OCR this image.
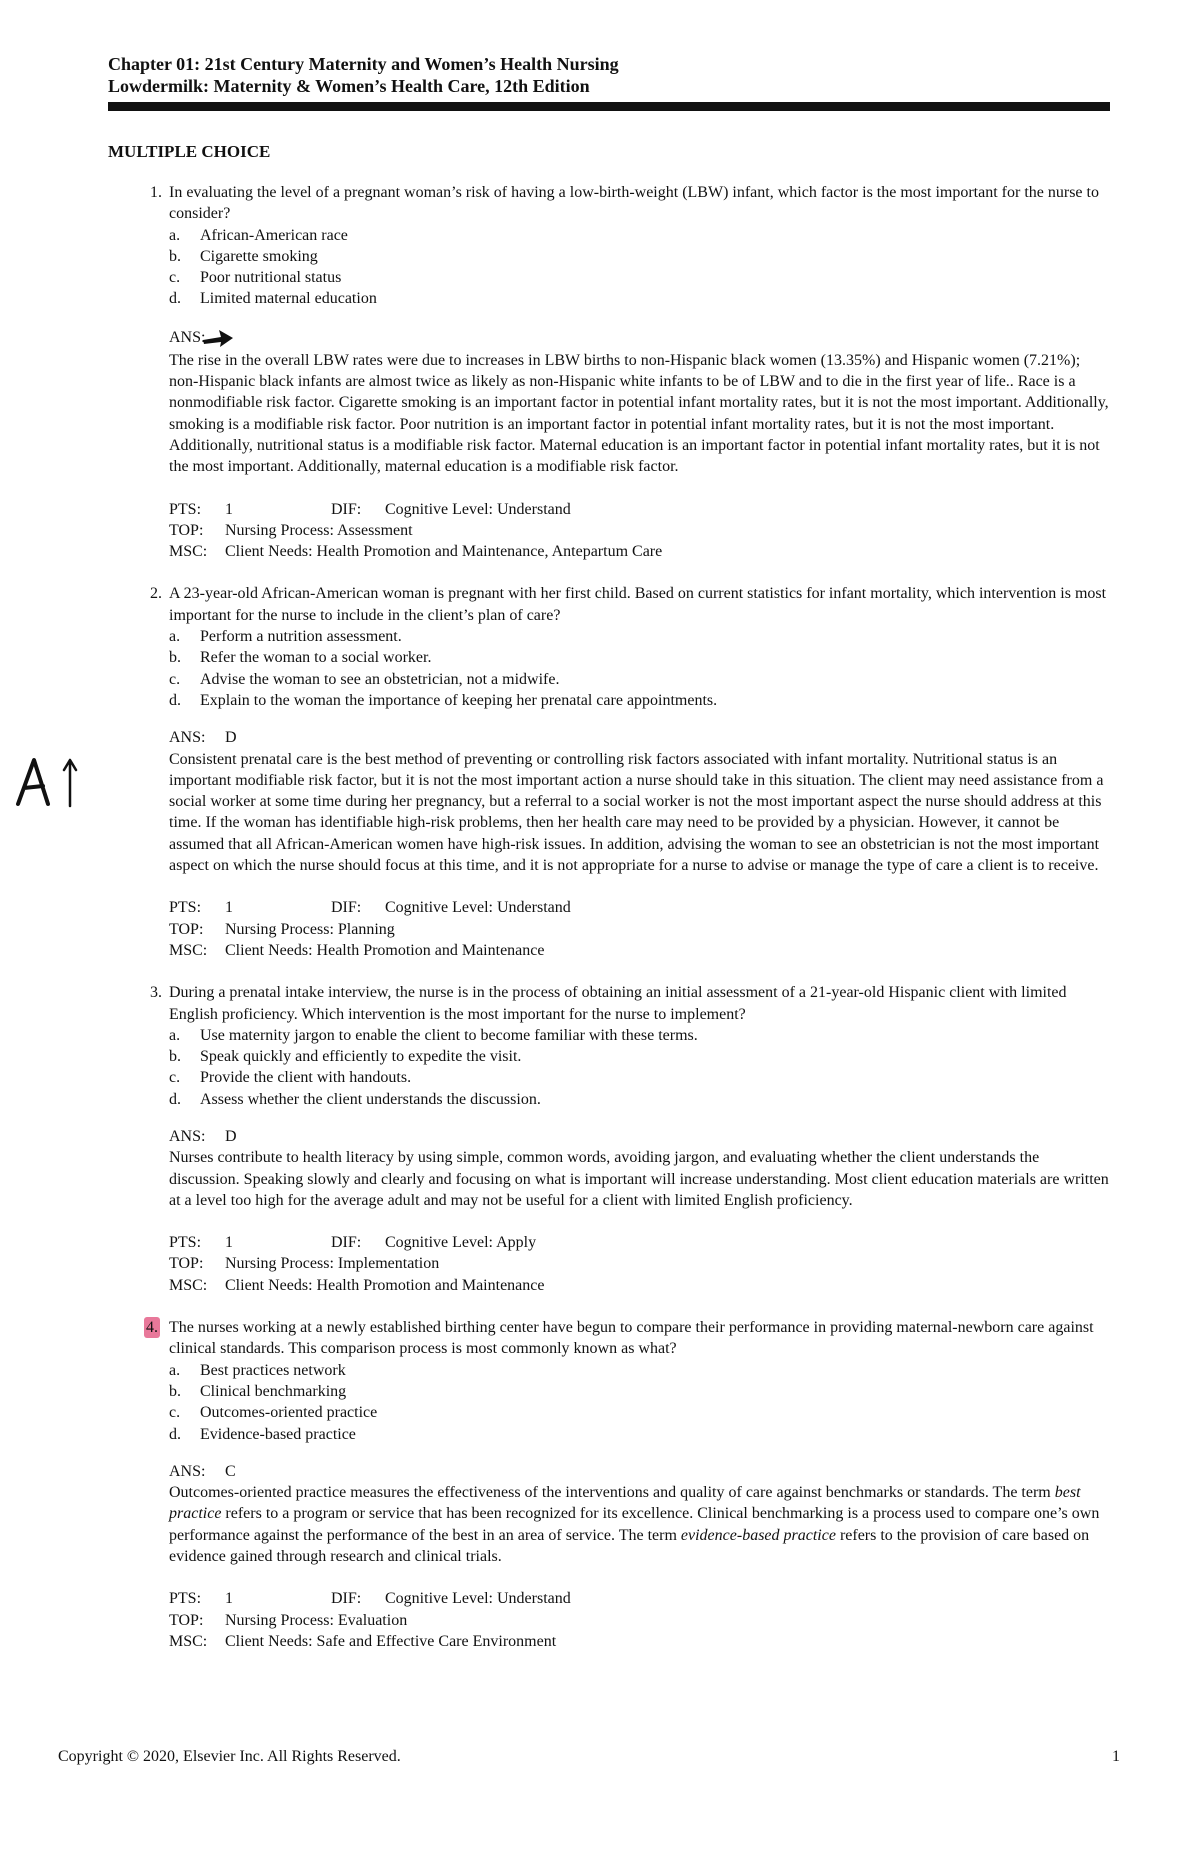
Chapter 01: 21st Century Maternity and Women’s Health Nursing
Lowdermilk: Maternity & Women’s Health Care, 12th Edition
MULTIPLE CHOICE
1. In evaluating the level of a pregnant woman’s risk of having a low-birth-weight (LBW) infant, which factor is the most important for the nurse to consider?
a.	African-American race
b.	Cigarette smoking
c.	Poor nutritional status
d.	Limited maternal education
ANS:
The rise in the overall LBW rates were due to increases in LBW births to non-Hispanic black women (13.35%) and Hispanic women (7.21%); non-Hispanic black infants are almost twice as likely as non-Hispanic white infants to be of LBW and to die in the first year of life.. Race is a nonmodifiable risk factor. Cigarette smoking is an important factor in potential infant mortality rates, but it is not the most important. Additionally, smoking is a modifiable risk factor. Poor nutrition is an important factor in potential infant mortality rates, but it is not the most important. Additionally, nutritional status is a modifiable risk factor. Maternal education is an important factor in potential infant mortality rates, but it is not the most important. Additionally, maternal education is a modifiable risk factor.
PTS:	1	DIF:	Cognitive Level: Understand
TOP:	Nursing Process: Assessment
MSC:	Client Needs: Health Promotion and Maintenance, Antepartum Care
2. A 23-year-old African-American woman is pregnant with her first child. Based on current statistics for infant mortality, which intervention is most important for the nurse to include in the client’s plan of care?
a.	Perform a nutrition assessment.
b.	Refer the woman to a social worker.
c.	Advise the woman to see an obstetrician, not a midwife.
d.	Explain to the woman the importance of keeping her prenatal care appointments.
ANS:	D
Consistent prenatal care is the best method of preventing or controlling risk factors associated with infant mortality. Nutritional status is an important modifiable risk factor, but it is not the most important action a nurse should take in this situation. The client may need assistance from a social worker at some time during her pregnancy, but a referral to a social worker is not the most important aspect the nurse should address at this time. If the woman has identifiable high-risk problems, then her health care may need to be provided by a physician. However, it cannot be assumed that all African-American women have high-risk issues. In addition, advising the woman to see an obstetrician is not the most important aspect on which the nurse should focus at this time, and it is not appropriate for a nurse to advise or manage the type of care a client is to receive.
PTS:	1	DIF:	Cognitive Level: Understand
TOP:	Nursing Process: Planning
MSC:	Client Needs: Health Promotion and Maintenance
3. During a prenatal intake interview, the nurse is in the process of obtaining an initial assessment of a 21-year-old Hispanic client with limited English proficiency. Which intervention is the most important for the nurse to implement?
a.	Use maternity jargon to enable the client to become familiar with these terms.
b.	Speak quickly and efficiently to expedite the visit.
c.	Provide the client with handouts.
d.	Assess whether the client understands the discussion.
ANS:	D
Nurses contribute to health literacy by using simple, common words, avoiding jargon, and evaluating whether the client understands the discussion. Speaking slowly and clearly and focusing on what is important will increase understanding. Most client education materials are written at a level too high for the average adult and may not be useful for a client with limited English proficiency.
PTS:	1	DIF:	Cognitive Level: Apply
TOP:	Nursing Process: Implementation
MSC:	Client Needs: Health Promotion and Maintenance
4. The nurses working at a newly established birthing center have begun to compare their performance in providing maternal-newborn care against clinical standards. This comparison process is most commonly known as what?
a.	Best practices network
b.	Clinical benchmarking
c.	Outcomes-oriented practice
d.	Evidence-based practice
ANS:	C
Outcomes-oriented practice measures the effectiveness of the interventions and quality of care against benchmarks or standards. The term best practice refers to a program or service that has been recognized for its excellence. Clinical benchmarking is a process used to compare one’s own performance against the performance of the best in an area of service. The term evidence-based practice refers to the provision of care based on evidence gained through research and clinical trials.
PTS:	1	DIF:	Cognitive Level: Understand
TOP:	Nursing Process: Evaluation
MSC:	Client Needs: Safe and Effective Care Environment
Copyright © 2020, Elsevier Inc. All Rights Reserved.	1
